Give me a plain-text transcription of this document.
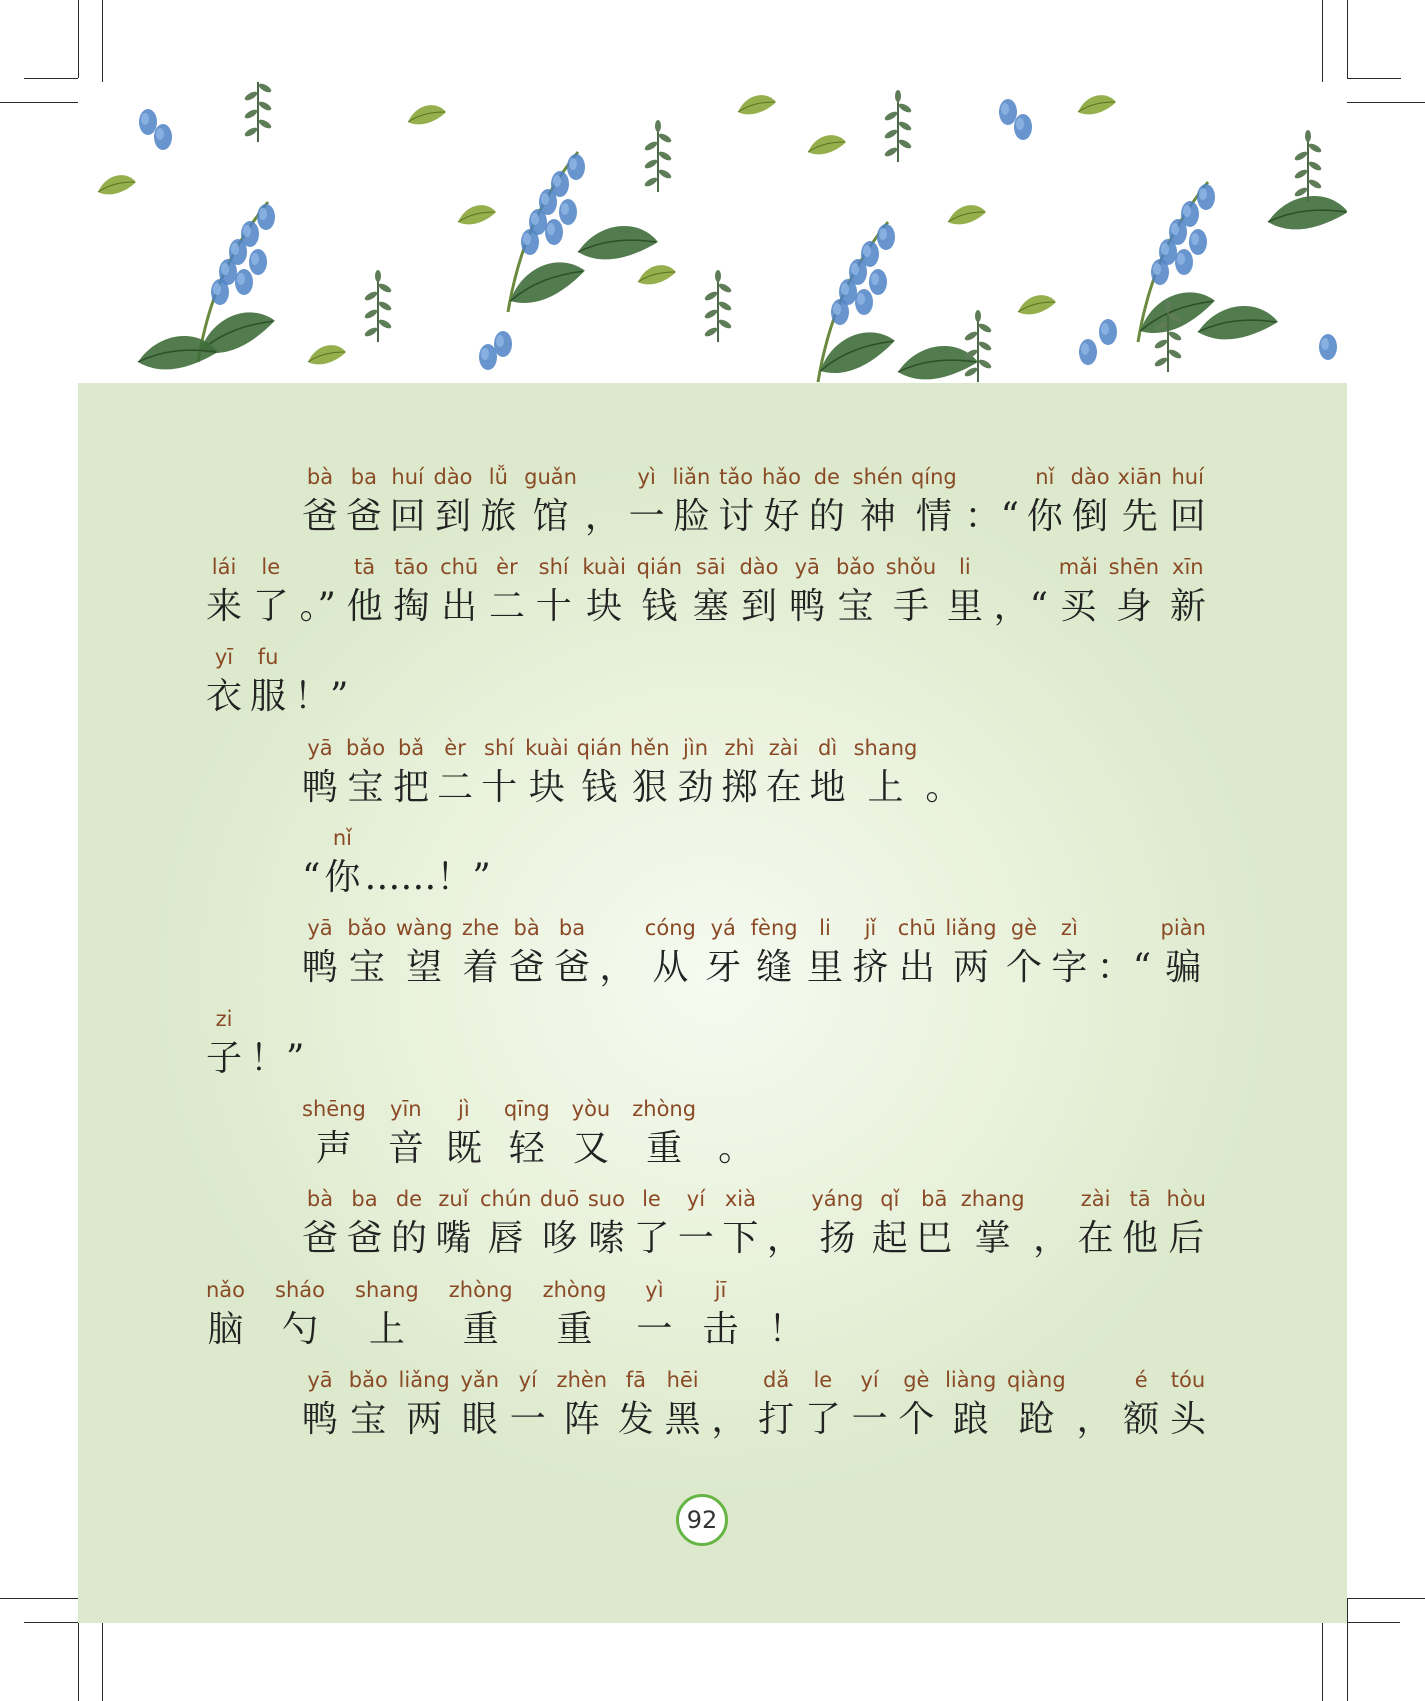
bà
爸
ba
爸
huí
回
dào
到
lǚ
旅
guǎn
馆 ，
yì
一
liǎn
脸
tǎo
讨
hǎo
好
de
的
shén
神
qíng
情 ：“
nǐ
你
dào
倒
xiān
先
huí
回
lái
来
le
了 。”
tā
他
tāo
掏
chū
出
èr
二
shí
十
kuài
块
qián
钱
sāi
塞
dào
到
yā
鸭
bǎo
宝
shǒu
手
li
里 ，“
mǎi
买
shēn
身
xīn
新
yī
衣
fu
服 ！”
yā
鸭
bǎo
宝
bǎ
把
èr
二
shí
十
kuài
块
qián
钱
hěn
狠
jìn
劲
zhì
掷
zài
在
dì
地
shang
上 。
“
nǐ
你 ……！”
yā
鸭
bǎo
宝
wàng
望
zhe
着
bà
爸
ba
爸 ，
cóng
从
yá
牙
fèng
缝
li
里
jǐ
挤
chū
出
liǎng
两
gè
个
zì
字 ：“
piàn
骗
zi
子 ！”
shēng
声
yīn
音
jì
既
qīng
轻
yòu
又
zhòng
重 。
bà
爸
ba
爸
de
的
zuǐ
嘴
chún
唇
duō
哆
suo
嗦
le
了
yí
一
xià
下 ，
yáng
扬
qǐ
起
bā
巴
zhang
掌 ，
zài
在
tā
他
hòu
后
nǎo
脑
sháo
勺
shang
上
zhòng
重
zhòng
重
yì
一
jī
击 ！
yā
鸭
bǎo
宝
liǎng
两
yǎn
眼
yí
一
zhèn
阵
fā
发
hēi
黑 ，
dǎ
打
le
了
yí
一
gè
个
liàng
踉
qiàng
跄 ，
é
额
tóu
头
92
